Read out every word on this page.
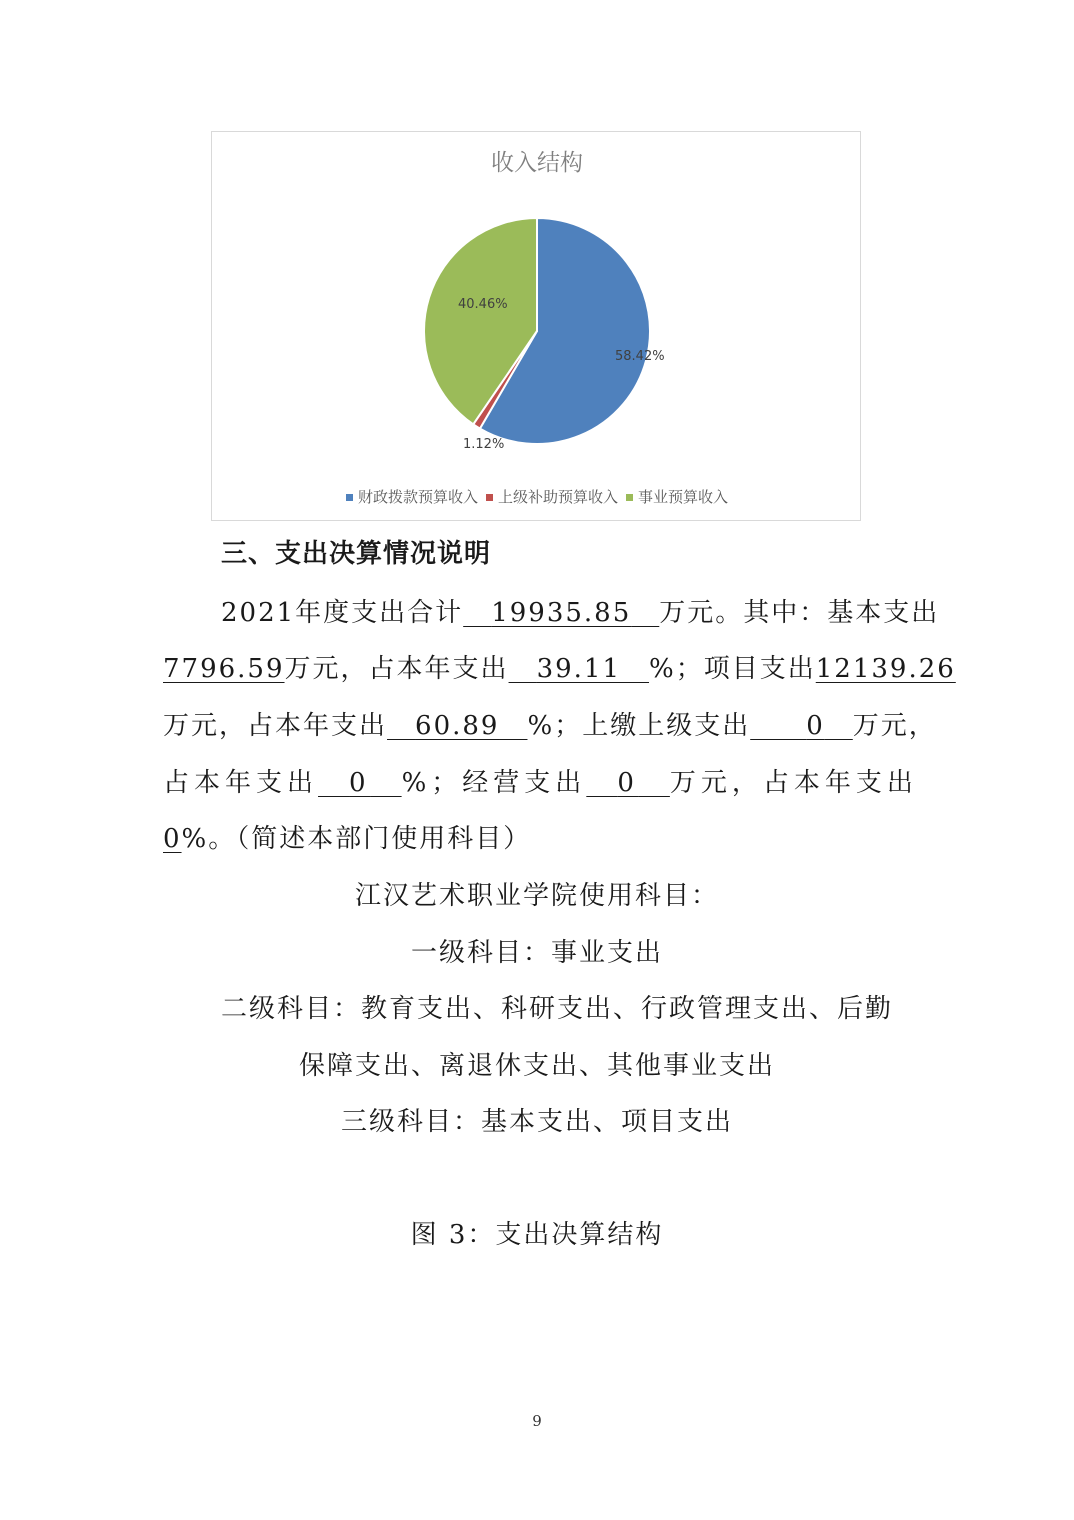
收入结构
58.42%
1.12%
40.46%
财政拨款预算收入 上级补助预算收入 事业预算收入
三、支出决算情况说明
2021年度支出合计　 19935.85　 万元。其中：基本支出
7796.59万元，占本年支出　 39.11　 %；项目支出12139.26
万元，占本年支出　 60.89　 %；上缴上级支出　　 0　 万元，
占本年支出　 0　 %；经营支出　 0　 万元，占本年支出
0%。（简述本部门使用科目）
江汉艺术职业学院使用科目：
一级科目：事业支出
二级科目：教育支出、科研支出、行政管理支出、后勤
保障支出、离退休支出、其他事业支出
三级科目：基本支出、项目支出
图 3：支出决算结构
9
